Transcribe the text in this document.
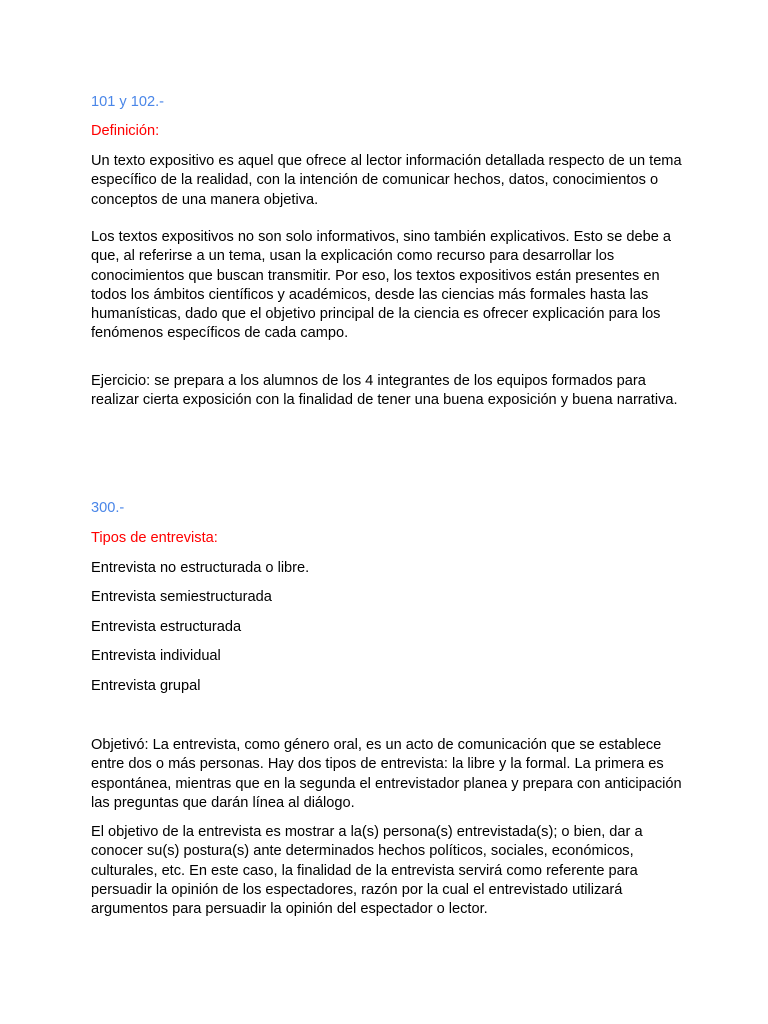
101 y 102.-

Definición:

Un texto expositivo es aquel que ofrece al lector información detallada respecto de un tema específico de la realidad, con la intención de comunicar hechos, datos, conocimientos o conceptos de una manera objetiva.

Los textos expositivos no son solo informativos, sino también explicativos. Esto se debe a que, al referirse a un tema, usan la explicación como recurso para desarrollar los conocimientos que buscan transmitir. Por eso, los textos expositivos están presentes en todos los ámbitos científicos y académicos, desde las ciencias más formales hasta las humanísticas, dado que el objetivo principal de la ciencia es ofrecer explicación para los fenómenos específicos de cada campo.

Ejercicio: se prepara a los alumnos de los 4 integrantes de los equipos formados para realizar cierta exposición con la finalidad de tener una buena exposición y buena narrativa.

300.-

Tipos de entrevista:

Entrevista no estructurada o libre.

Entrevista semiestructurada

Entrevista estructurada

Entrevista individual

Entrevista grupal

Objetivó: La entrevista, como género oral, es un acto de comunicación que se establece entre dos o más personas. Hay dos tipos de entrevista: la libre y la formal. La primera es espontánea, mientras que en la segunda el entrevistador planea y prepara con anticipación las preguntas que darán línea al diálogo.

El objetivo de la entrevista es mostrar a la(s) persona(s) entrevistada(s); o bien, dar a conocer su(s) postura(s) ante determinados hechos políticos, sociales, económicos, culturales, etc. En este caso, la finalidad de la entrevista servirá como referente para persuadir la opinión de los espectadores, razón por la cual el entrevistado utilizará argumentos para persuadir la opinión del espectador o lector.
